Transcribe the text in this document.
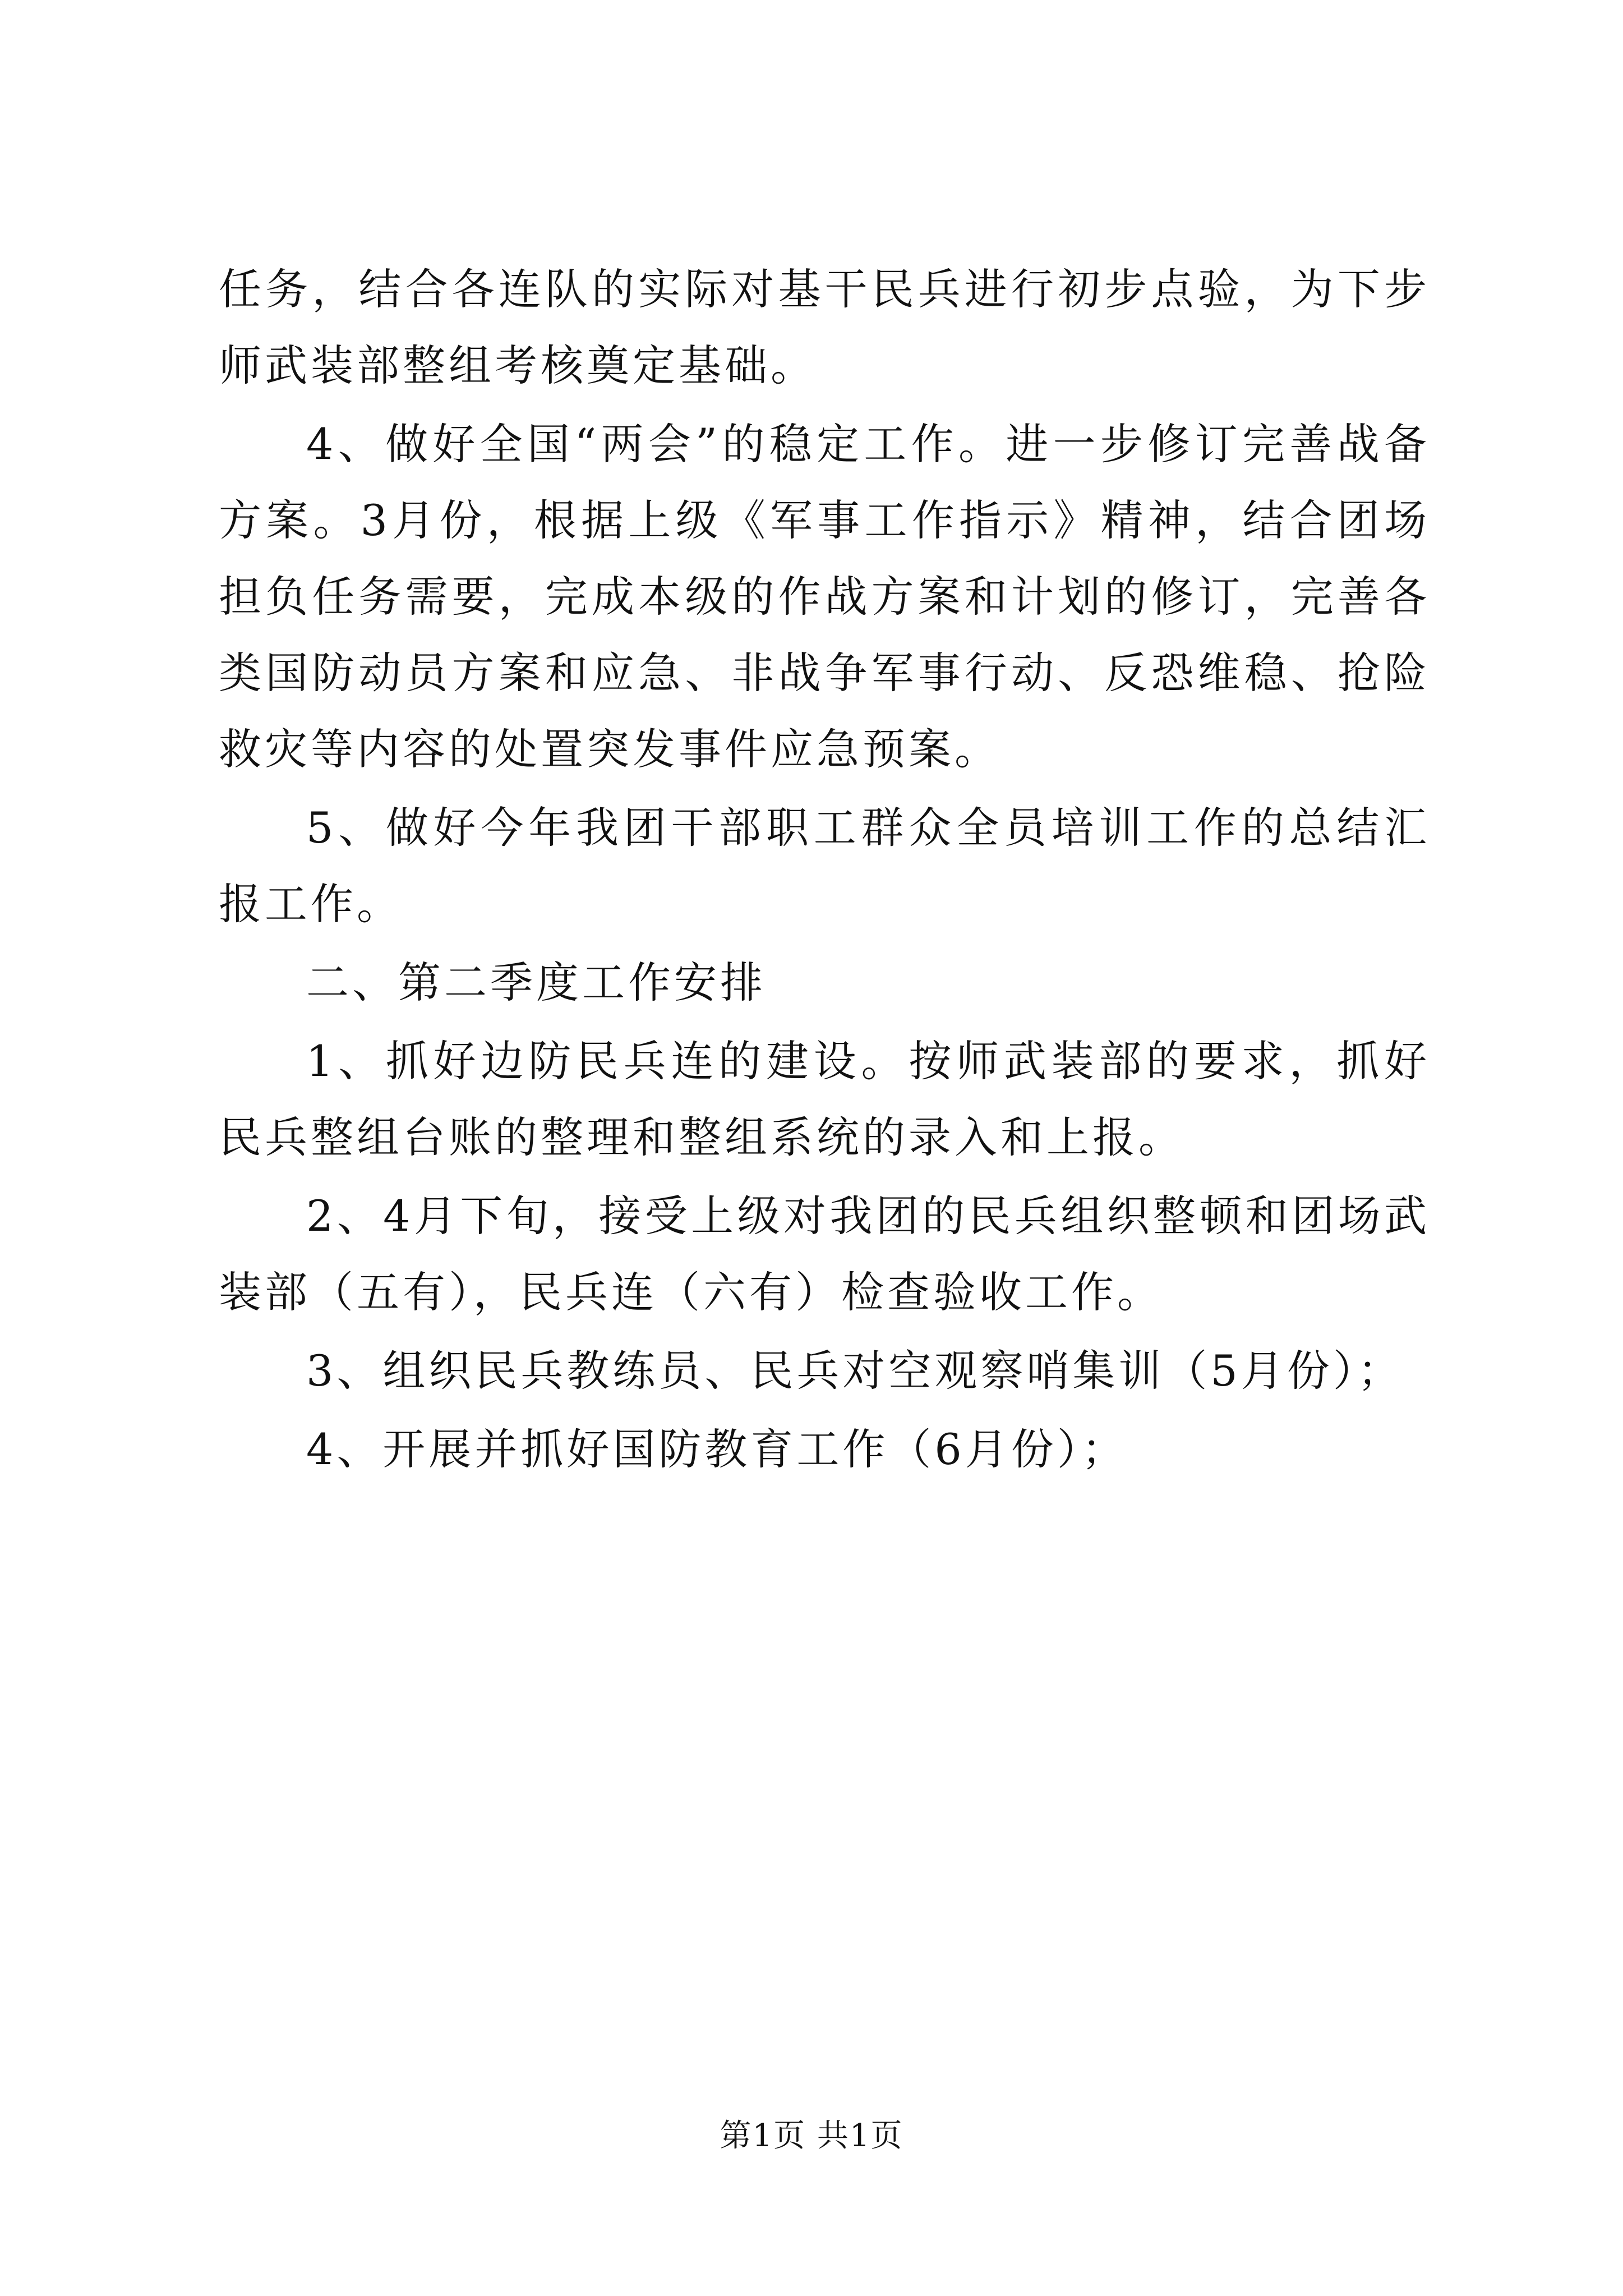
任务，结合各连队的实际对基干民兵进行初步点验，为下步师武装部整组考核奠定基础。

4、做好全国“两会”的稳定工作。进一步修订完善战备方案。3月份，根据上级《军事工作指示》精神，结合团场担负任务需要，完成本级的作战方案和计划的修订，完善各类国防动员方案和应急、非战争军事行动、反恐维稳、抢险救灾等内容的处置突发事件应急预案。

5、做好今年我团干部职工群众全员培训工作的总结汇报工作。

二、第二季度工作安排

1、抓好边防民兵连的建设。按师武装部的要求，抓好民兵整组台账的整理和整组系统的录入和上报。

2、4月下旬，接受上级对我团的民兵组织整顿和团场武装部（五有），民兵连（六有）检查验收工作。

3、组织民兵教练员、民兵对空观察哨集训（5月份）；

4、开展并抓好国防教育工作（6月份）；

第1页 共1页
